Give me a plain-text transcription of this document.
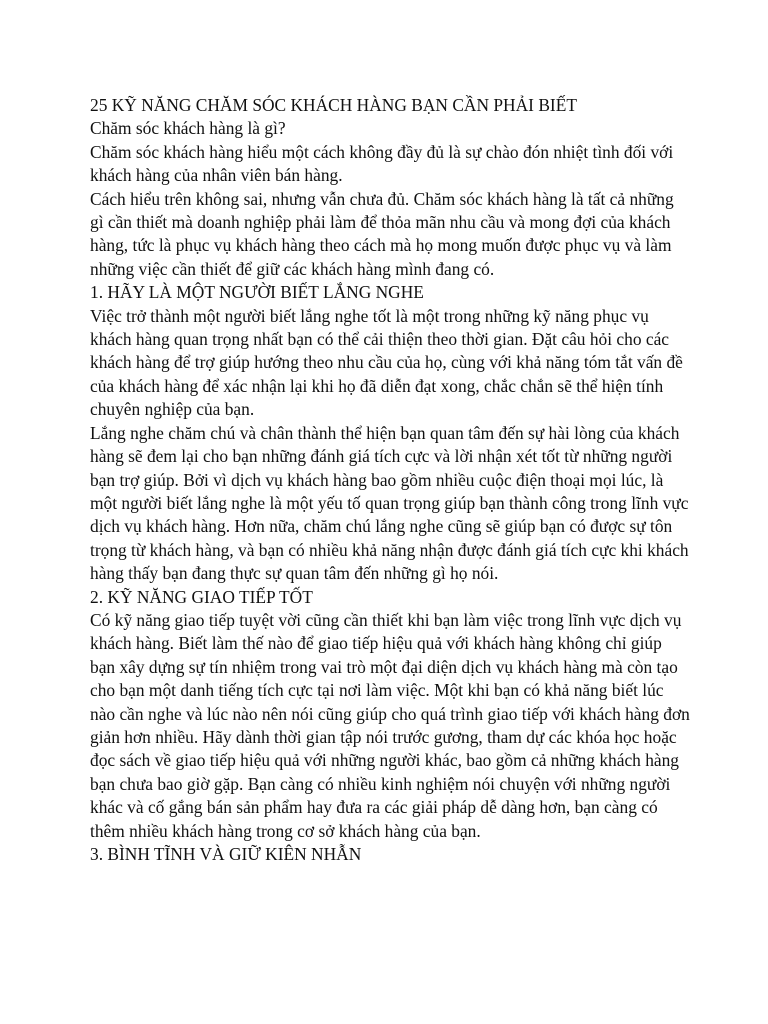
25 KỸ NĂNG CHĂM SÓC KHÁCH HÀNG BẠN CẦN PHẢI BIẾT

Chăm sóc khách hàng là gì?

Chăm sóc khách hàng hiểu một cách không đầy đủ là sự chào đón nhiệt tình đối với khách hàng của nhân viên bán hàng.

Cách hiểu trên không sai, nhưng vẫn chưa đủ. Chăm sóc khách hàng là tất cả những gì cần thiết mà doanh nghiệp phải làm để thỏa mãn nhu cầu và mong đợi của khách hàng, tức là phục vụ khách hàng theo cách mà họ mong muốn được phục vụ và làm những việc cần thiết để giữ các khách hàng mình đang có.

1. HÃY LÀ MỘT NGƯỜI BIẾT LẮNG NGHE

Việc trở thành một người biết lắng nghe tốt là một trong những kỹ năng phục vụ khách hàng quan trọng nhất bạn có thể cải thiện theo thời gian. Đặt câu hỏi cho các khách hàng để trợ giúp hướng theo nhu cầu của họ, cùng với khả năng tóm tắt vấn đề của khách hàng để xác nhận lại khi họ đã diễn đạt xong, chắc chắn sẽ thể hiện tính chuyên nghiệp của bạn.

Lắng nghe chăm chú và chân thành thể hiện bạn quan tâm đến sự hài lòng của khách hàng sẽ đem lại cho bạn những đánh giá tích cực và lời nhận xét tốt từ những người bạn trợ giúp. Bởi vì dịch vụ khách hàng bao gồm nhiều cuộc điện thoại mọi lúc, là một người biết lắng nghe là một yếu tố quan trọng giúp bạn thành công trong lĩnh vực dịch vụ khách hàng. Hơn nữa, chăm chú lắng nghe cũng sẽ giúp bạn có được sự tôn trọng từ khách hàng, và bạn có nhiều khả năng nhận được đánh giá tích cực khi khách hàng thấy bạn đang thực sự quan tâm đến những gì họ nói.

2. KỸ NĂNG GIAO TIẾP TỐT

Có kỹ năng giao tiếp tuyệt vời cũng cần thiết khi bạn làm việc trong lĩnh vực dịch vụ khách hàng. Biết làm thế nào để giao tiếp hiệu quả với khách hàng không chỉ giúp bạn xây dựng sự tín nhiệm trong vai trò một đại diện dịch vụ khách hàng mà còn tạo cho bạn một danh tiếng tích cực tại nơi làm việc. Một khi bạn có khả năng biết lúc nào cần nghe và lúc nào nên nói cũng giúp cho quá trình giao tiếp với khách hàng đơn giản hơn nhiều. Hãy dành thời gian tập nói trước gương, tham dự các khóa học hoặc đọc sách về giao tiếp hiệu quả với những người khác, bao gồm cả những khách hàng bạn chưa bao giờ gặp. Bạn càng có nhiều kinh nghiệm nói chuyện với những người khác và cố gắng bán sản phẩm hay đưa ra các giải pháp dễ dàng hơn, bạn càng có thêm nhiều khách hàng trong cơ sở khách hàng của bạn.

3. BÌNH TĨNH VÀ GIỮ KIÊN NHẪN
